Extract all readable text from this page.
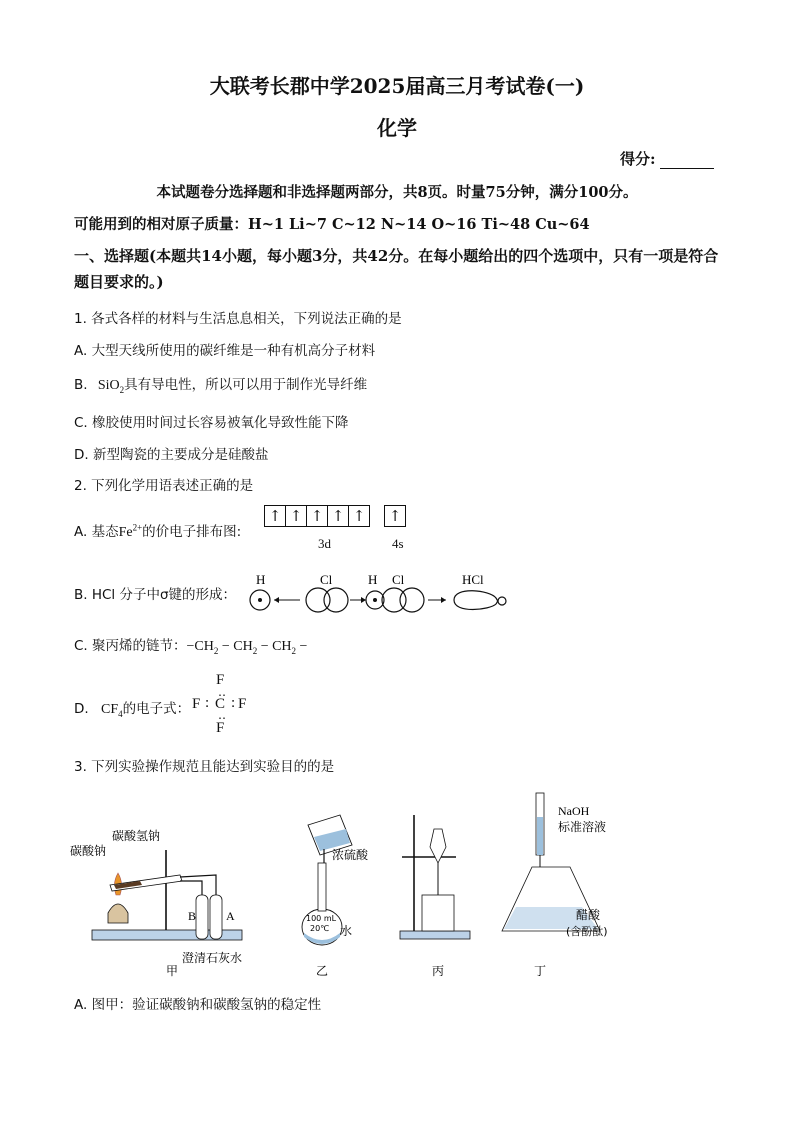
大联考长郡中学2025届高三月考试卷(一)
化学
得分:
本试题卷分选择题和非选择题两部分，共8页。时量75分钟，满分100分。
可能用到的相对原子质量：H~1 Li~7 C~12 N~14 O~16 Ti~48 Cu~64
一、选择题(本题共14小题，每小题3分，共42分。在每小题给出的四个选项中，只有一项是符合题目要求的。)
1. 各式各样的材料与生活息息相关，下列说法正确的是
A. 大型天线所使用的碳纤维是一种有机高分子材料
B. SiO$_2$具有导电性，所以可以用于制作光导纤维
C. 橡胶使用时间过长容易被氧化导致性能下降
D. 新型陶瓷的主要成分是硅酸盐
2. 下列化学用语表述正确的是
A. 基态$Fe^{2+}$的价电子排布图:
↑ ↑ ↑ ↑ ↑	↑
3d	4s
B. HCl 分子中σ键的形成：
H	Cl	H Cl	HCl
C. 聚丙烯的链节：$-CH_2 - CH_2 - CH_2$ −
D. $CF_4$的电子式：
F
‥
F : C : F
‥
F
3. 下列实验操作规范且能达到实验目的的是
碳酸氢钠
碳酸钠
B A
澄清石灰水
甲
浓硫酸
100 mL
20℃ 水
乙	丙
NaOH
标准溶液
醋酸
(含酚酞)
丁
A. 图甲：验证碳酸钠和碳酸氢钠的稳定性
